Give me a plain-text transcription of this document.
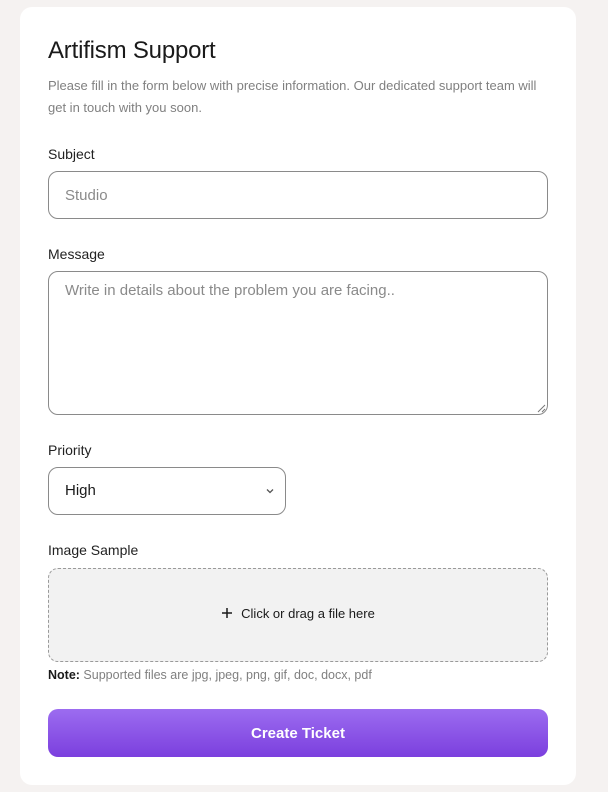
Artifism Support

Please fill in the form below with precise information. Our dedicated support team will get in touch with you soon.

Subject
Studio
Message
Write in details about the problem you are facing..
Priority
High
Image Sample
Click or drag a file here

Note: Supported files are jpg, jpeg, png, gif, doc, docx, pdf

Create Ticket
